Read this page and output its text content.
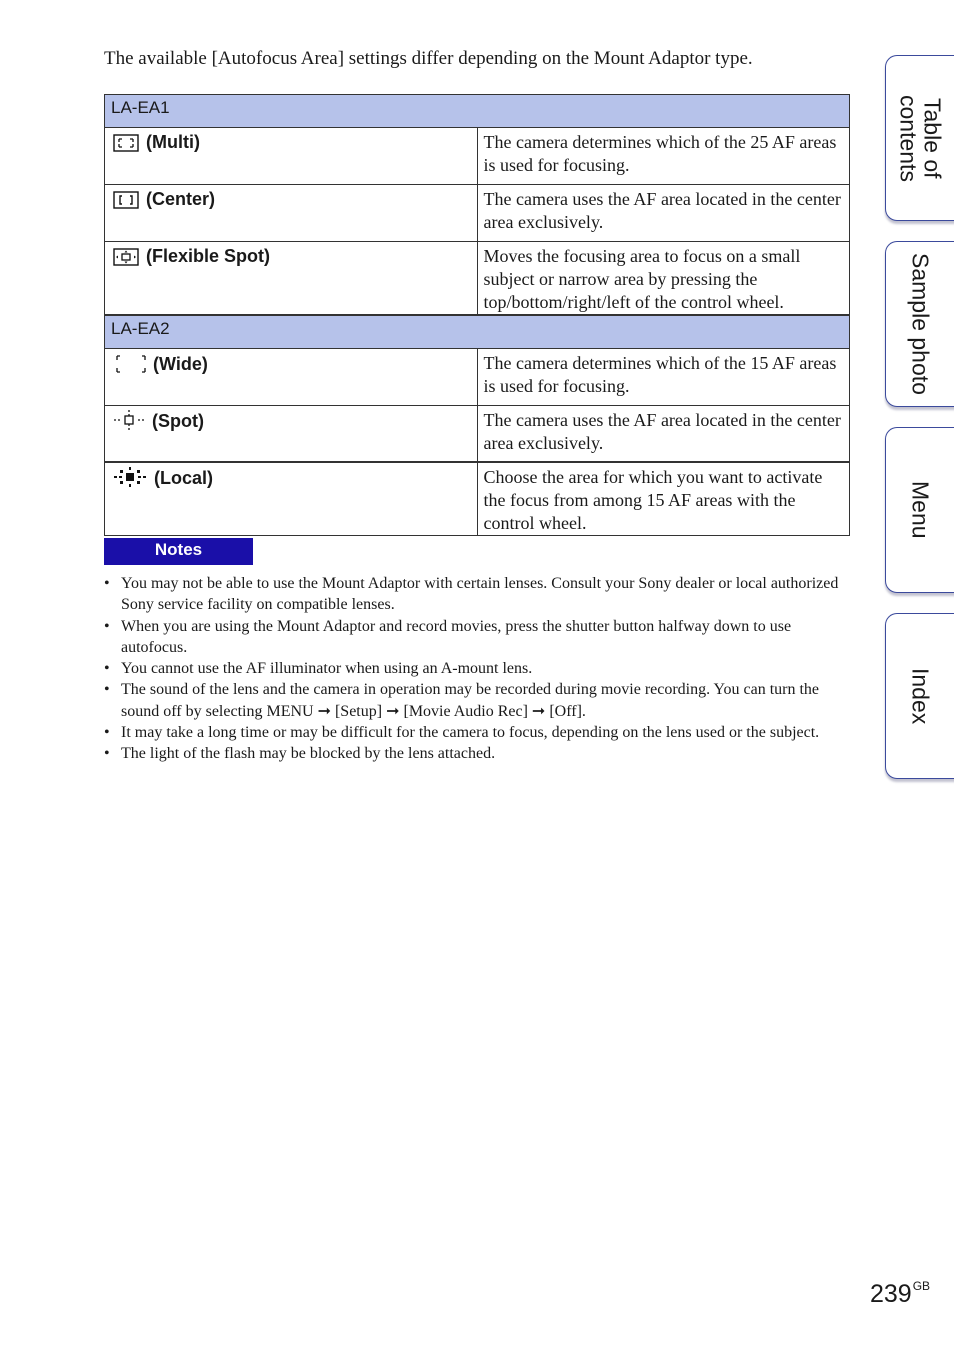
The available [Autofocus Area] settings differ depending on the Mount Adaptor type.

LA-EA1	
(Multi)	The camera determines which of the 25 AF areas is used for focusing.
(Center)	The camera uses the AF area located in the center area exclusively.
(Flexible Spot)	Moves the focusing area to focus on a small subject or narrow area by pressing the top/bottom/right/left of the control wheel.
LA-EA2	
(Wide)	The camera determines which of the 15 AF areas is used for focusing.
(Spot)	The camera uses the AF area located in the center area exclusively.
(Local)	Choose the area for which you want to activate the focus from among 15 AF areas with the control wheel.
Notes
• You may not be able to use the Mount Adaptor with certain lenses. Consult your Sony dealer or local authorized Sony service facility on compatible lenses.
• When you are using the Mount Adaptor and record movies, press the shutter button halfway down to use autofocus.
• You cannot use the AF illuminator when using an A-mount lens.
• The sound of the lens and the camera in operation may be recorded during movie recording. You can turn the sound off by selecting MENU ➞ [Setup] ➞ [Movie Audio Rec] ➞ [Off].
• It may take a long time or may be difficult for the camera to focus, depending on the lens used or the subject.
• The light of the flash may be blocked by the lens attached.
Table of contents
Sample photo
Menu
Index
$239^{GB}$
